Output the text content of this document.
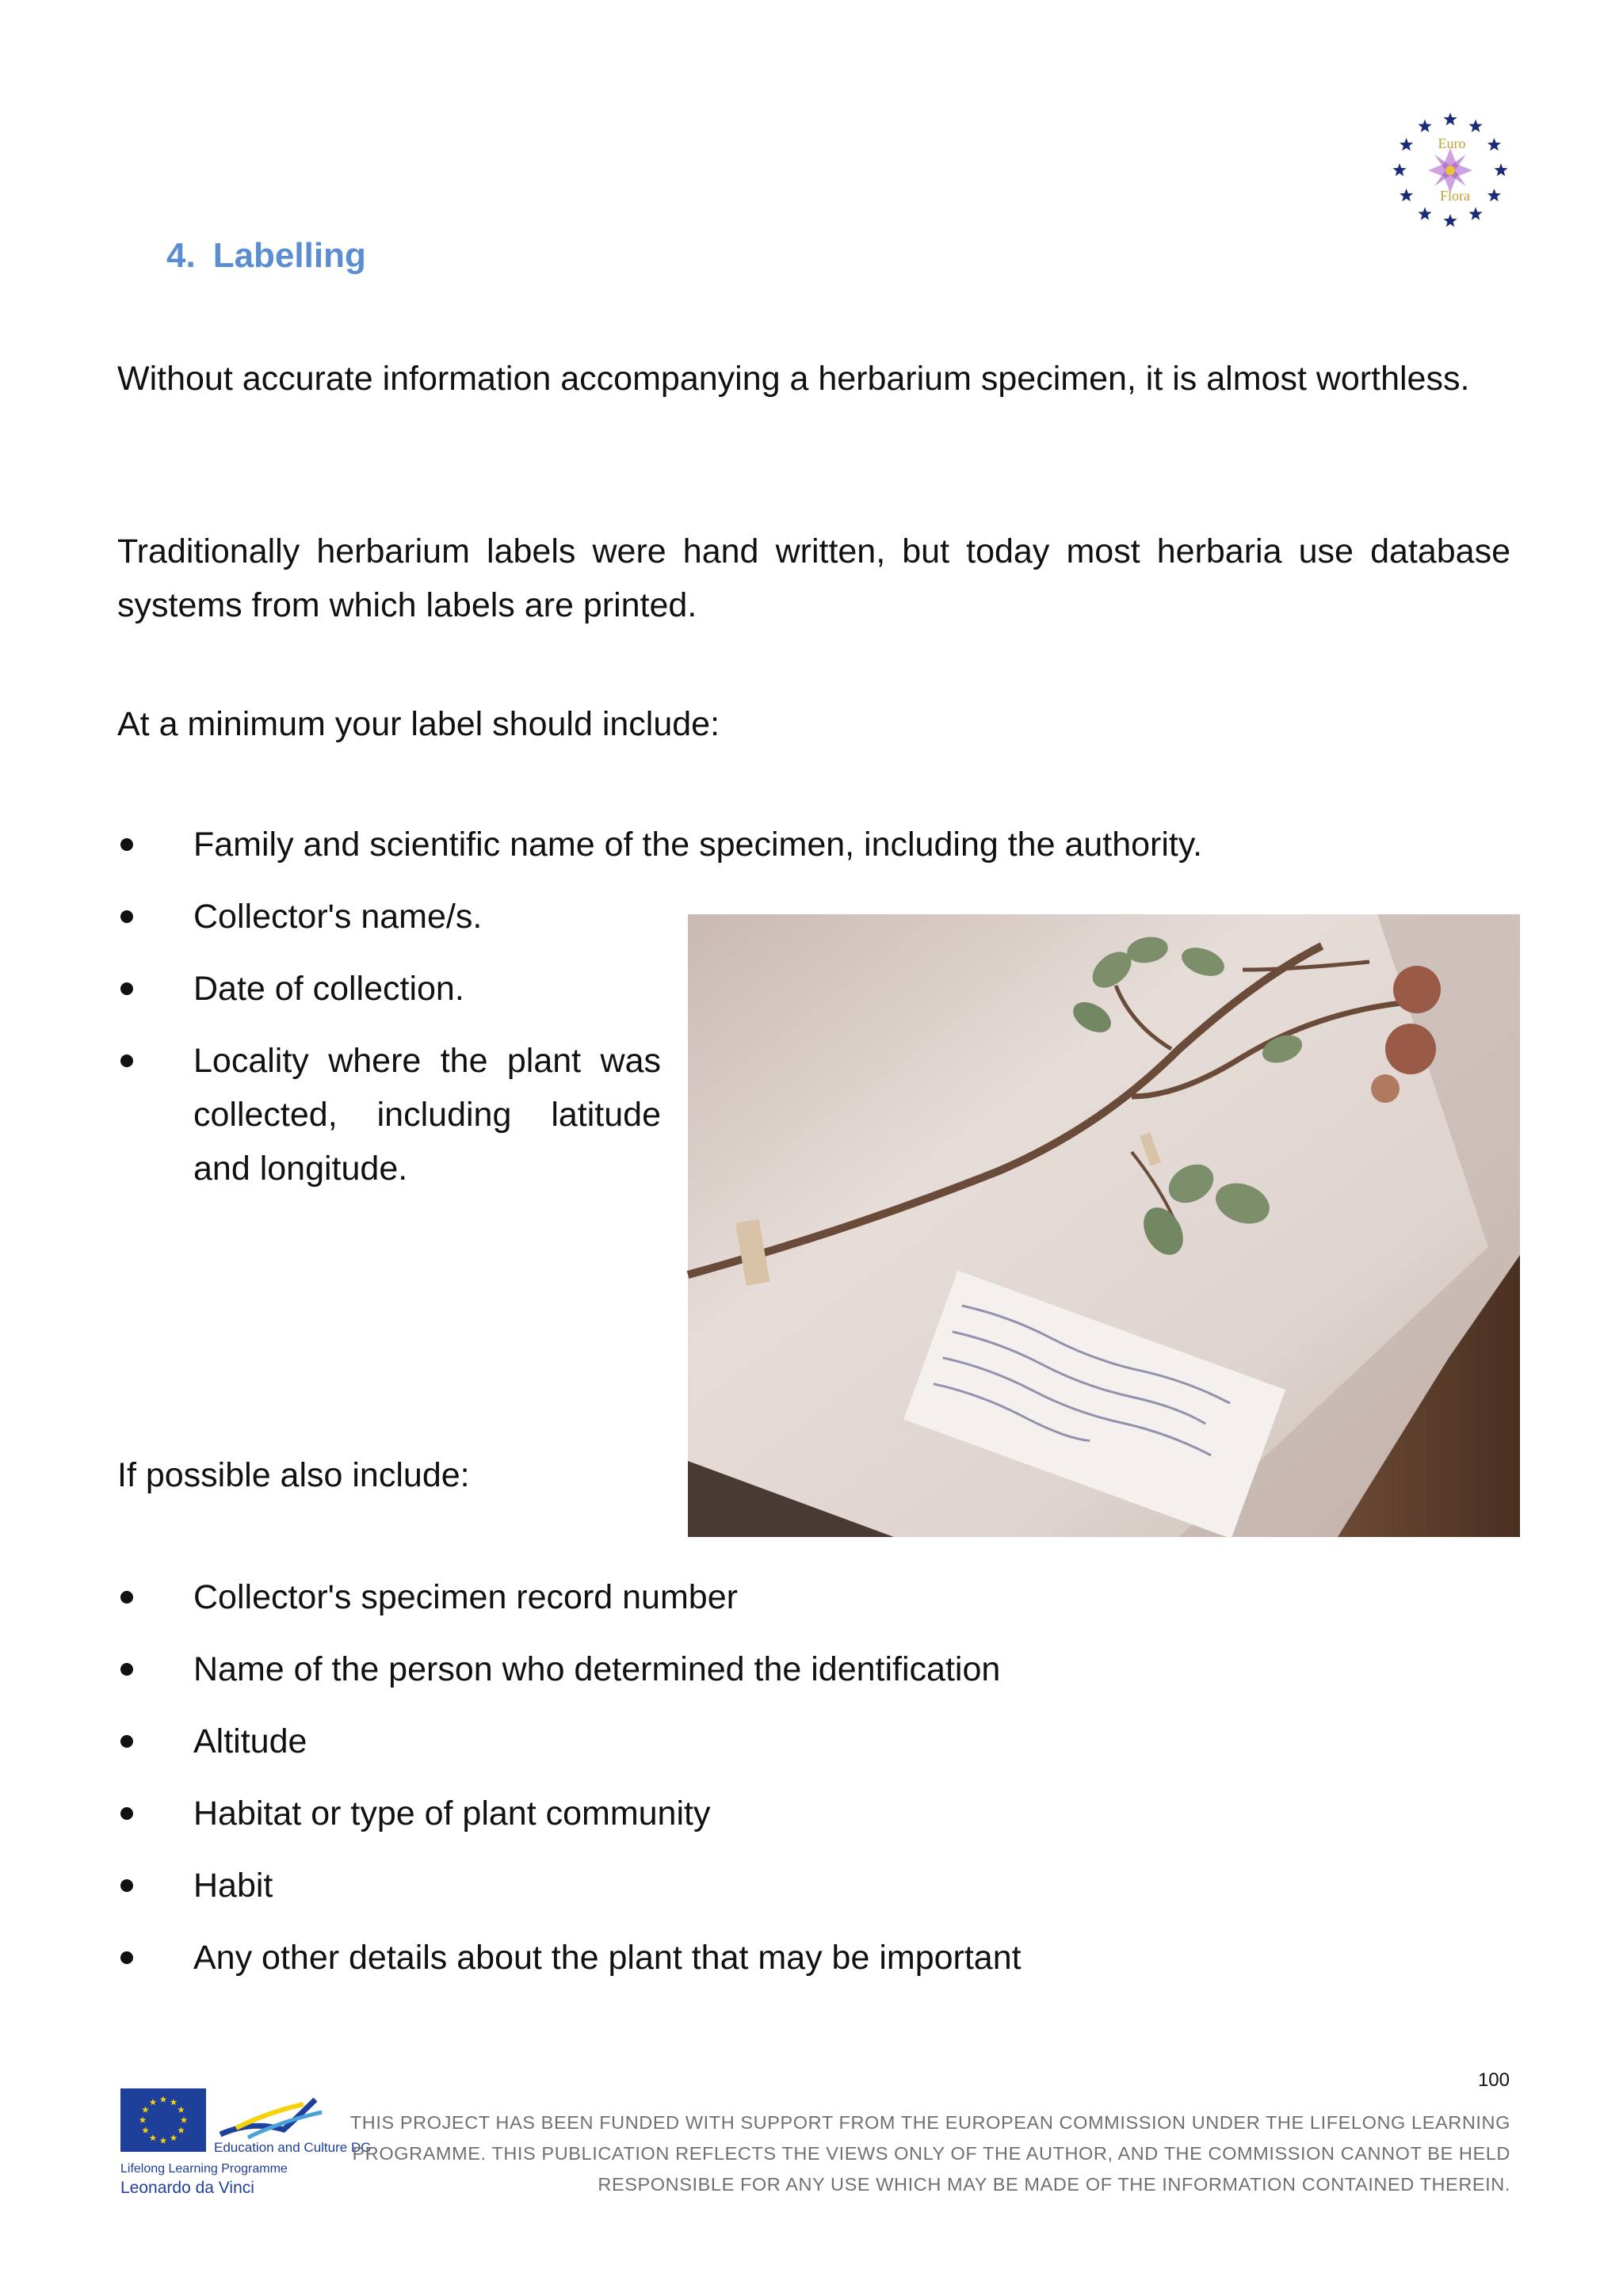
Euro
Flora
4. Labelling
Without accurate information accompanying a herbarium specimen, it is almost worthless.
Traditionally herbarium labels were hand written, but today most herbaria use database systems from which labels are printed.
At a minimum your label should include:
Family and scientific name of the specimen, including the authority.
Collector's name/s.
Date of collection.
Locality where the plant was collected, including latitude and longitude.
If possible also include:
Collector's specimen record number
Name of the person who determined the identification
Altitude
Habitat or type of plant community
Habit
Any other details about the plant that may be important
100
Education and Culture DG
Lifelong Learning Programme
Leonardo da Vinci
THIS PROJECT HAS BEEN FUNDED WITH SUPPORT FROM THE EUROPEAN COMMISSION UNDER THE LIFELONG LEARNING PROGRAMME. THIS PUBLICATION REFLECTS THE VIEWS ONLY OF THE AUTHOR, AND THE COMMISSION CANNOT BE HELD RESPONSIBLE FOR ANY USE WHICH MAY BE MADE OF THE INFORMATION CONTAINED THEREIN.
